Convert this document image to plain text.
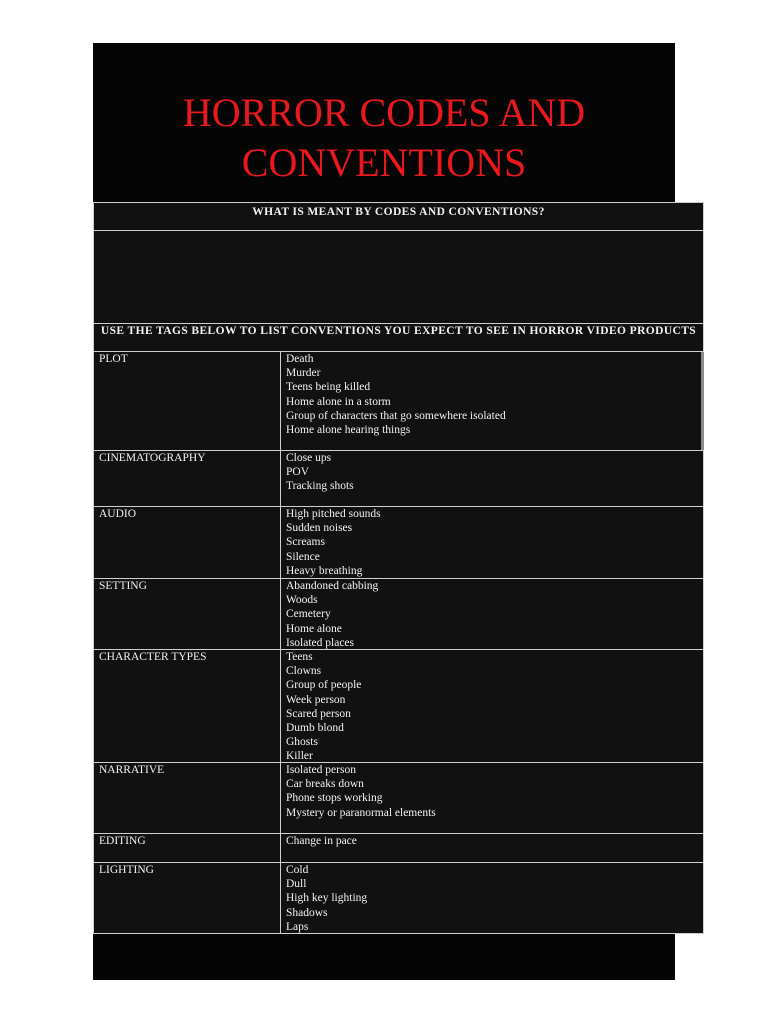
HORROR CODES AND
CONVENTIONS
WHAT IS MEANT BY CODES AND CONVENTIONS?
USE THE TAGS BELOW TO LIST CONVENTIONS YOU EXPECT TO SEE IN HORROR VIDEO PRODUCTS
PLOT	Death
Murder
Teens being killed
Home alone in a storm
Group of characters that go somewhere isolated
Home alone hearing things
CINEMATOGRAPHY	Close ups
POV
Tracking shots
AUDIO	High pitched sounds
Sudden noises
Screams
Silence
Heavy breathing
SETTING	Abandoned cabbing
Woods
Cemetery
Home alone
Isolated places
CHARACTER TYPES	Teens
Clowns
Group of people
Week person
Scared person
Dumb blond
Ghosts
Killer
NARRATIVE	Isolated person
Car breaks down
Phone stops working
Mystery or paranormal elements
EDITING	Change in pace
LIGHTING	Cold
Dull
High key lighting
Shadows
Laps
